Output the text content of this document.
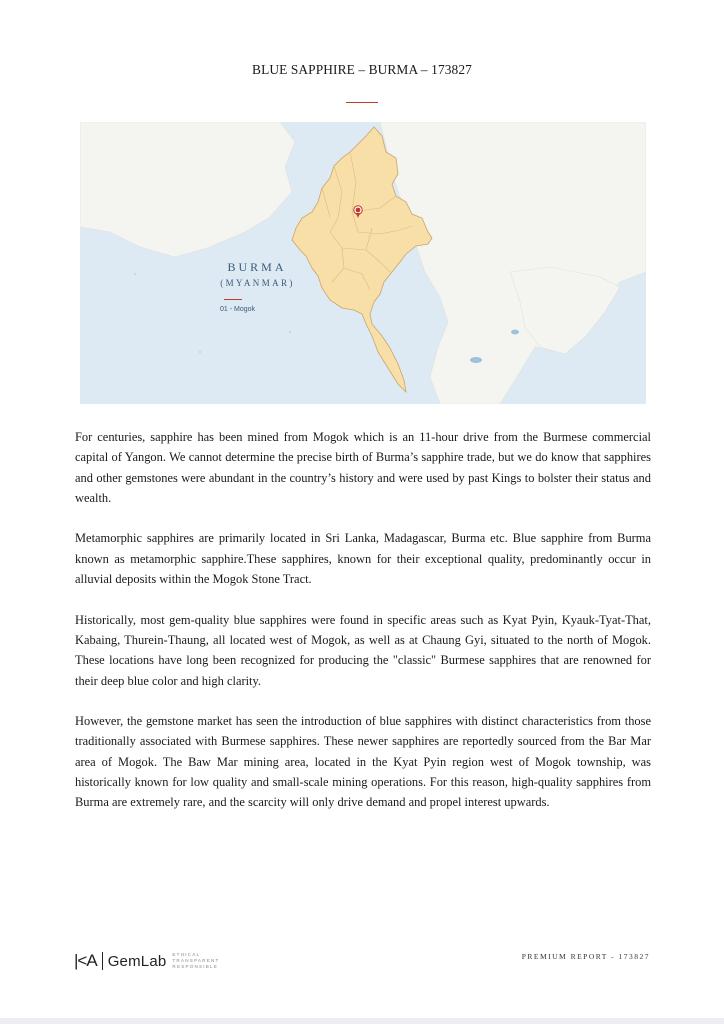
BLUE SAPPHIRE – BURMA – 173827
BURMA
(MYANMAR)
01 - Mogok

For centuries, sapphire has been mined from Mogok which is an 11-hour drive from the Burmese commercial capital of Yangon. We cannot determine the precise birth of Burma’s sapphire trade, but we do know that sapphires and other gemstones were abundant in the country’s history and were used by past Kings to bolster their status and wealth.

Metamorphic sapphires are primarily located in Sri Lanka, Madagascar, Burma etc. Blue sapphire from Burma known as metamorphic sapphire.These sapphires, known for their exceptional quality, predominantly occur in alluvial deposits within the Mogok Stone Tract.

Historically, most gem-quality blue sapphires were found in specific areas such as Kyat Pyin, Kyauk-Tyat-That, Kabaing, Thurein-Thaung, all located west of Mogok, as well as at Chaung Gyi, situated to the north of Mogok. These locations have long been recognized for producing the "classic" Burmese sapphires that are renowned for their deep blue color and high clarity.

However, the gemstone market has seen the introduction of blue sapphires with distinct characteristics from those traditionally associated with Burmese sapphires. These newer sapphires are reportedly sourced from the Bar Mar area of Mogok. The Baw Mar mining area, located in the Kyat Pyin region west of Mogok township, was historically known for low quality and small-scale mining operations. For this reason, high-quality sapphires from Burma are extremely rare, and the scarcity will only drive demand and propel interest upwards.

|<A GemLab ETHICAL
TRANSPARENT
RESPONSIBLE
PREMIUM REPORT - 173827
